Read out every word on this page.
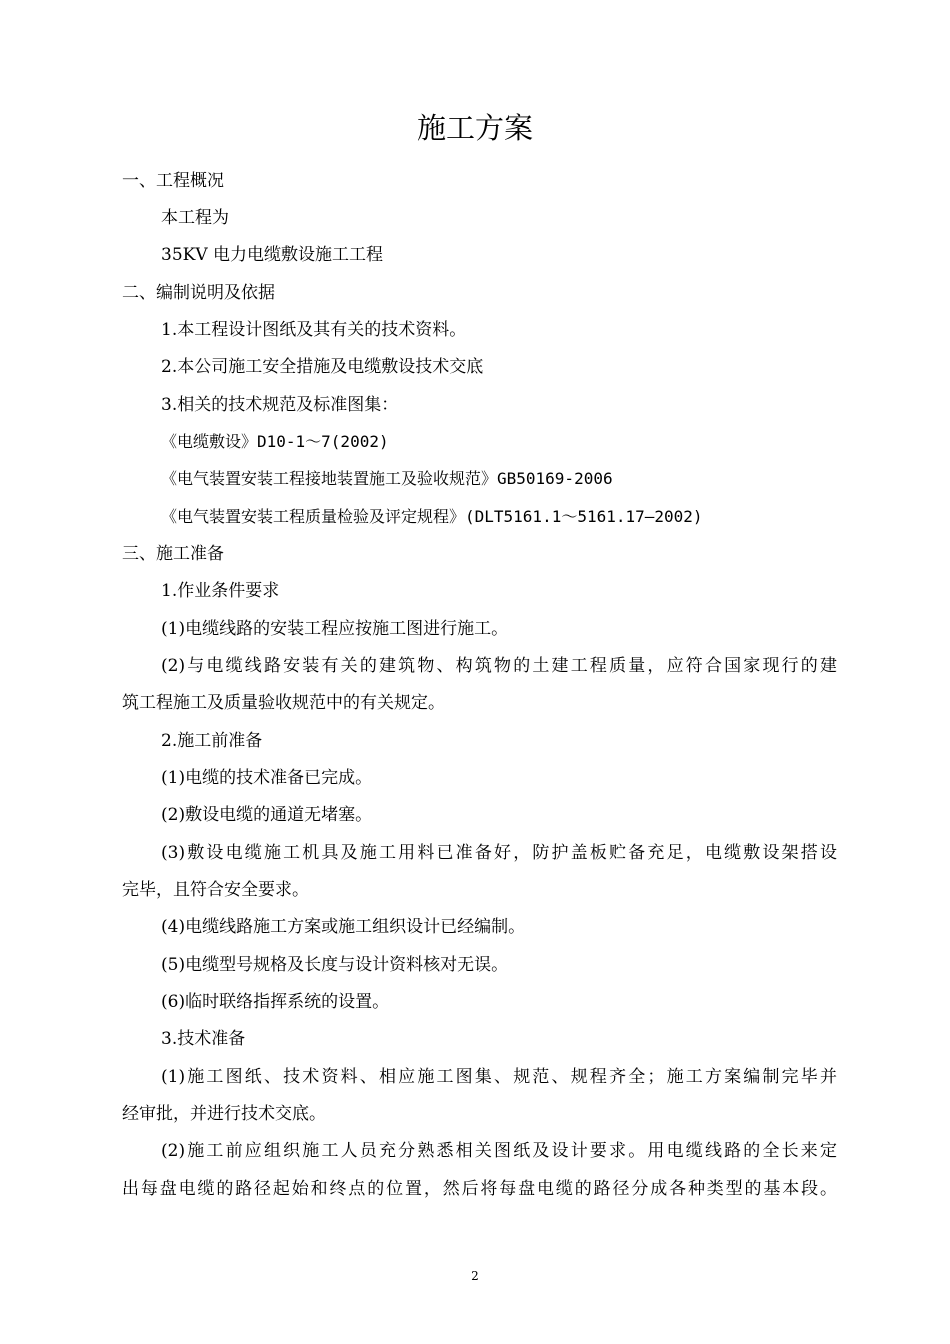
施工方案
一、工程概况
本工程为
35KV 电力电缆敷设施工工程
二、编制说明及依据
1.本工程设计图纸及其有关的技术资料。
2.本公司施工安全措施及电缆敷设技术交底
3.相关的技术规范及标准图集：
《电缆敷设》D10-1～7(2002)
《电气装置安装工程接地装置施工及验收规范》GB50169-2006
《电气装置安装工程质量检验及评定规程》(DLT5161.1～5161.17—2002)
三、施工准备
1.作业条件要求
(1)电缆线路的安装工程应按施工图进行施工。
(2)与电缆线路安装有关的建筑物、构筑物的土建工程质量，应符合国家现行的建
筑工程施工及质量验收规范中的有关规定。
2.施工前准备
(1)电缆的技术准备已完成。
(2)敷设电缆的通道无堵塞。
(3)敷设电缆施工机具及施工用料已准备好，防护盖板贮备充足，电缆敷设架搭设
完毕，且符合安全要求。
(4)电缆线路施工方案或施工组织设计已经编制。
(5)电缆型号规格及长度与设计资料核对无误。
(6)临时联络指挥系统的设置。
3.技术准备
(1)施工图纸、技术资料、相应施工图集、规范、规程齐全；施工方案编制完毕并
经审批，并进行技术交底。
(2)施工前应组织施工人员充分熟悉相关图纸及设计要求。用电缆线路的全长来定
出每盘电缆的路径起始和终点的位置，然后将每盘电缆的路径分成各种类型的基本段。
2
